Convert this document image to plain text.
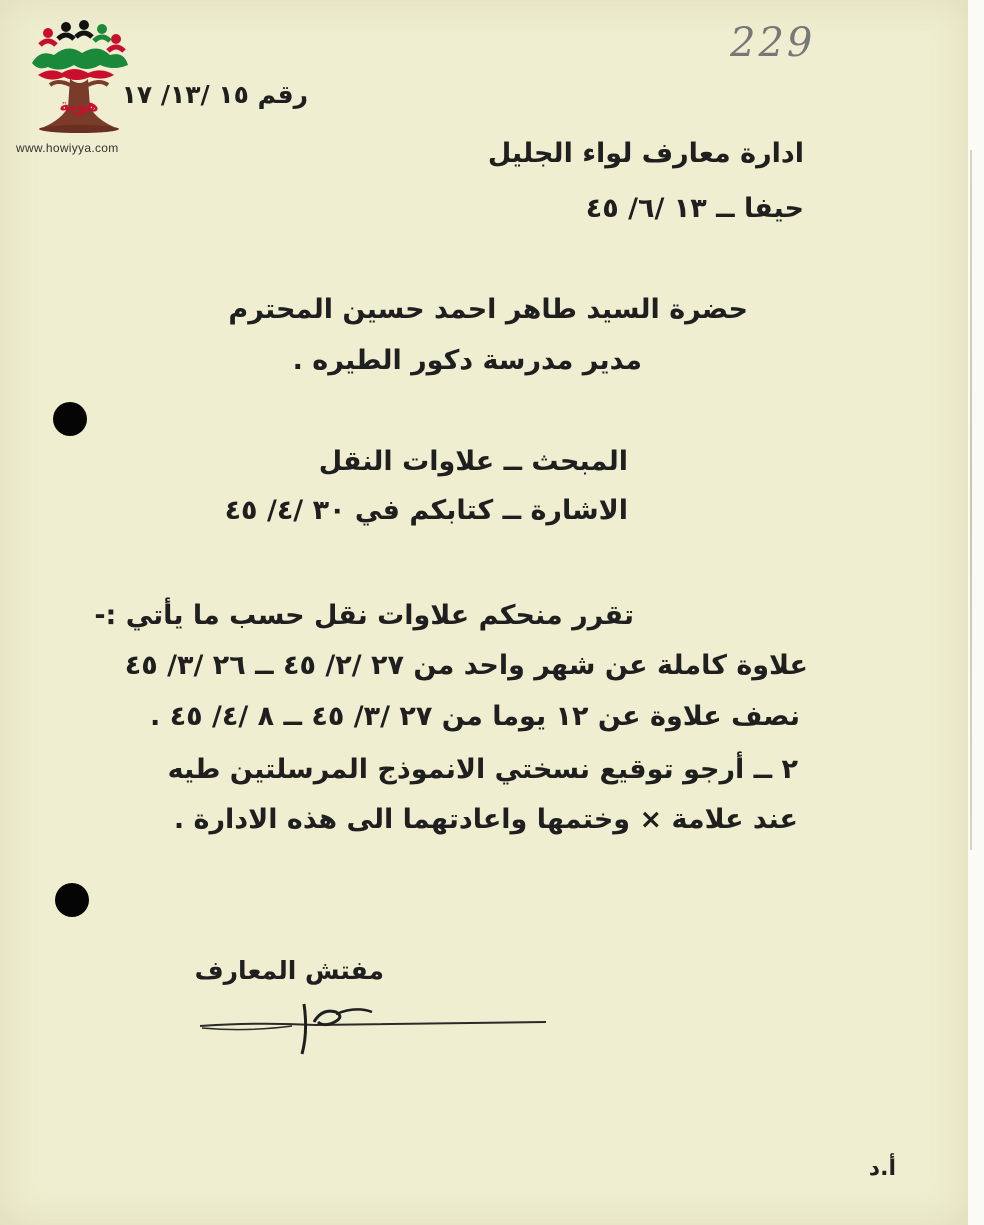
هوية
www.howiyya.com
229
رقم ١٥ /١٣/ ١٧
ادارة معارف لواء الجليل
حيفا ــ ١٣ /٦/ ٤٥
حضرة السيد طاهر احمد حسين المحترم
مدير مدرسة دكور الطيره .
المبحث ــ علاوات النقل
الاشارة ــ كتابكم في ٣٠ /٤/ ٤٥
تقرر منحكم علاوات نقل حسب ما يأتي :-
علاوة كاملة عن شهر واحد من ٢٧ /٢/ ٤٥ ــ ٢٦ /٣/ ٤٥
نصف علاوة عن ١٢ يوما من ٢٧ /٣/ ٤٥ ــ ٨ /٤/ ٤٥ .
٢ ــ أرجو توقيع نسختي الانموذج المرسلتين طيه
عند علامة × وختمها واعادتهما الى هذه الادارة .
مفتش المعارف
أ.د
